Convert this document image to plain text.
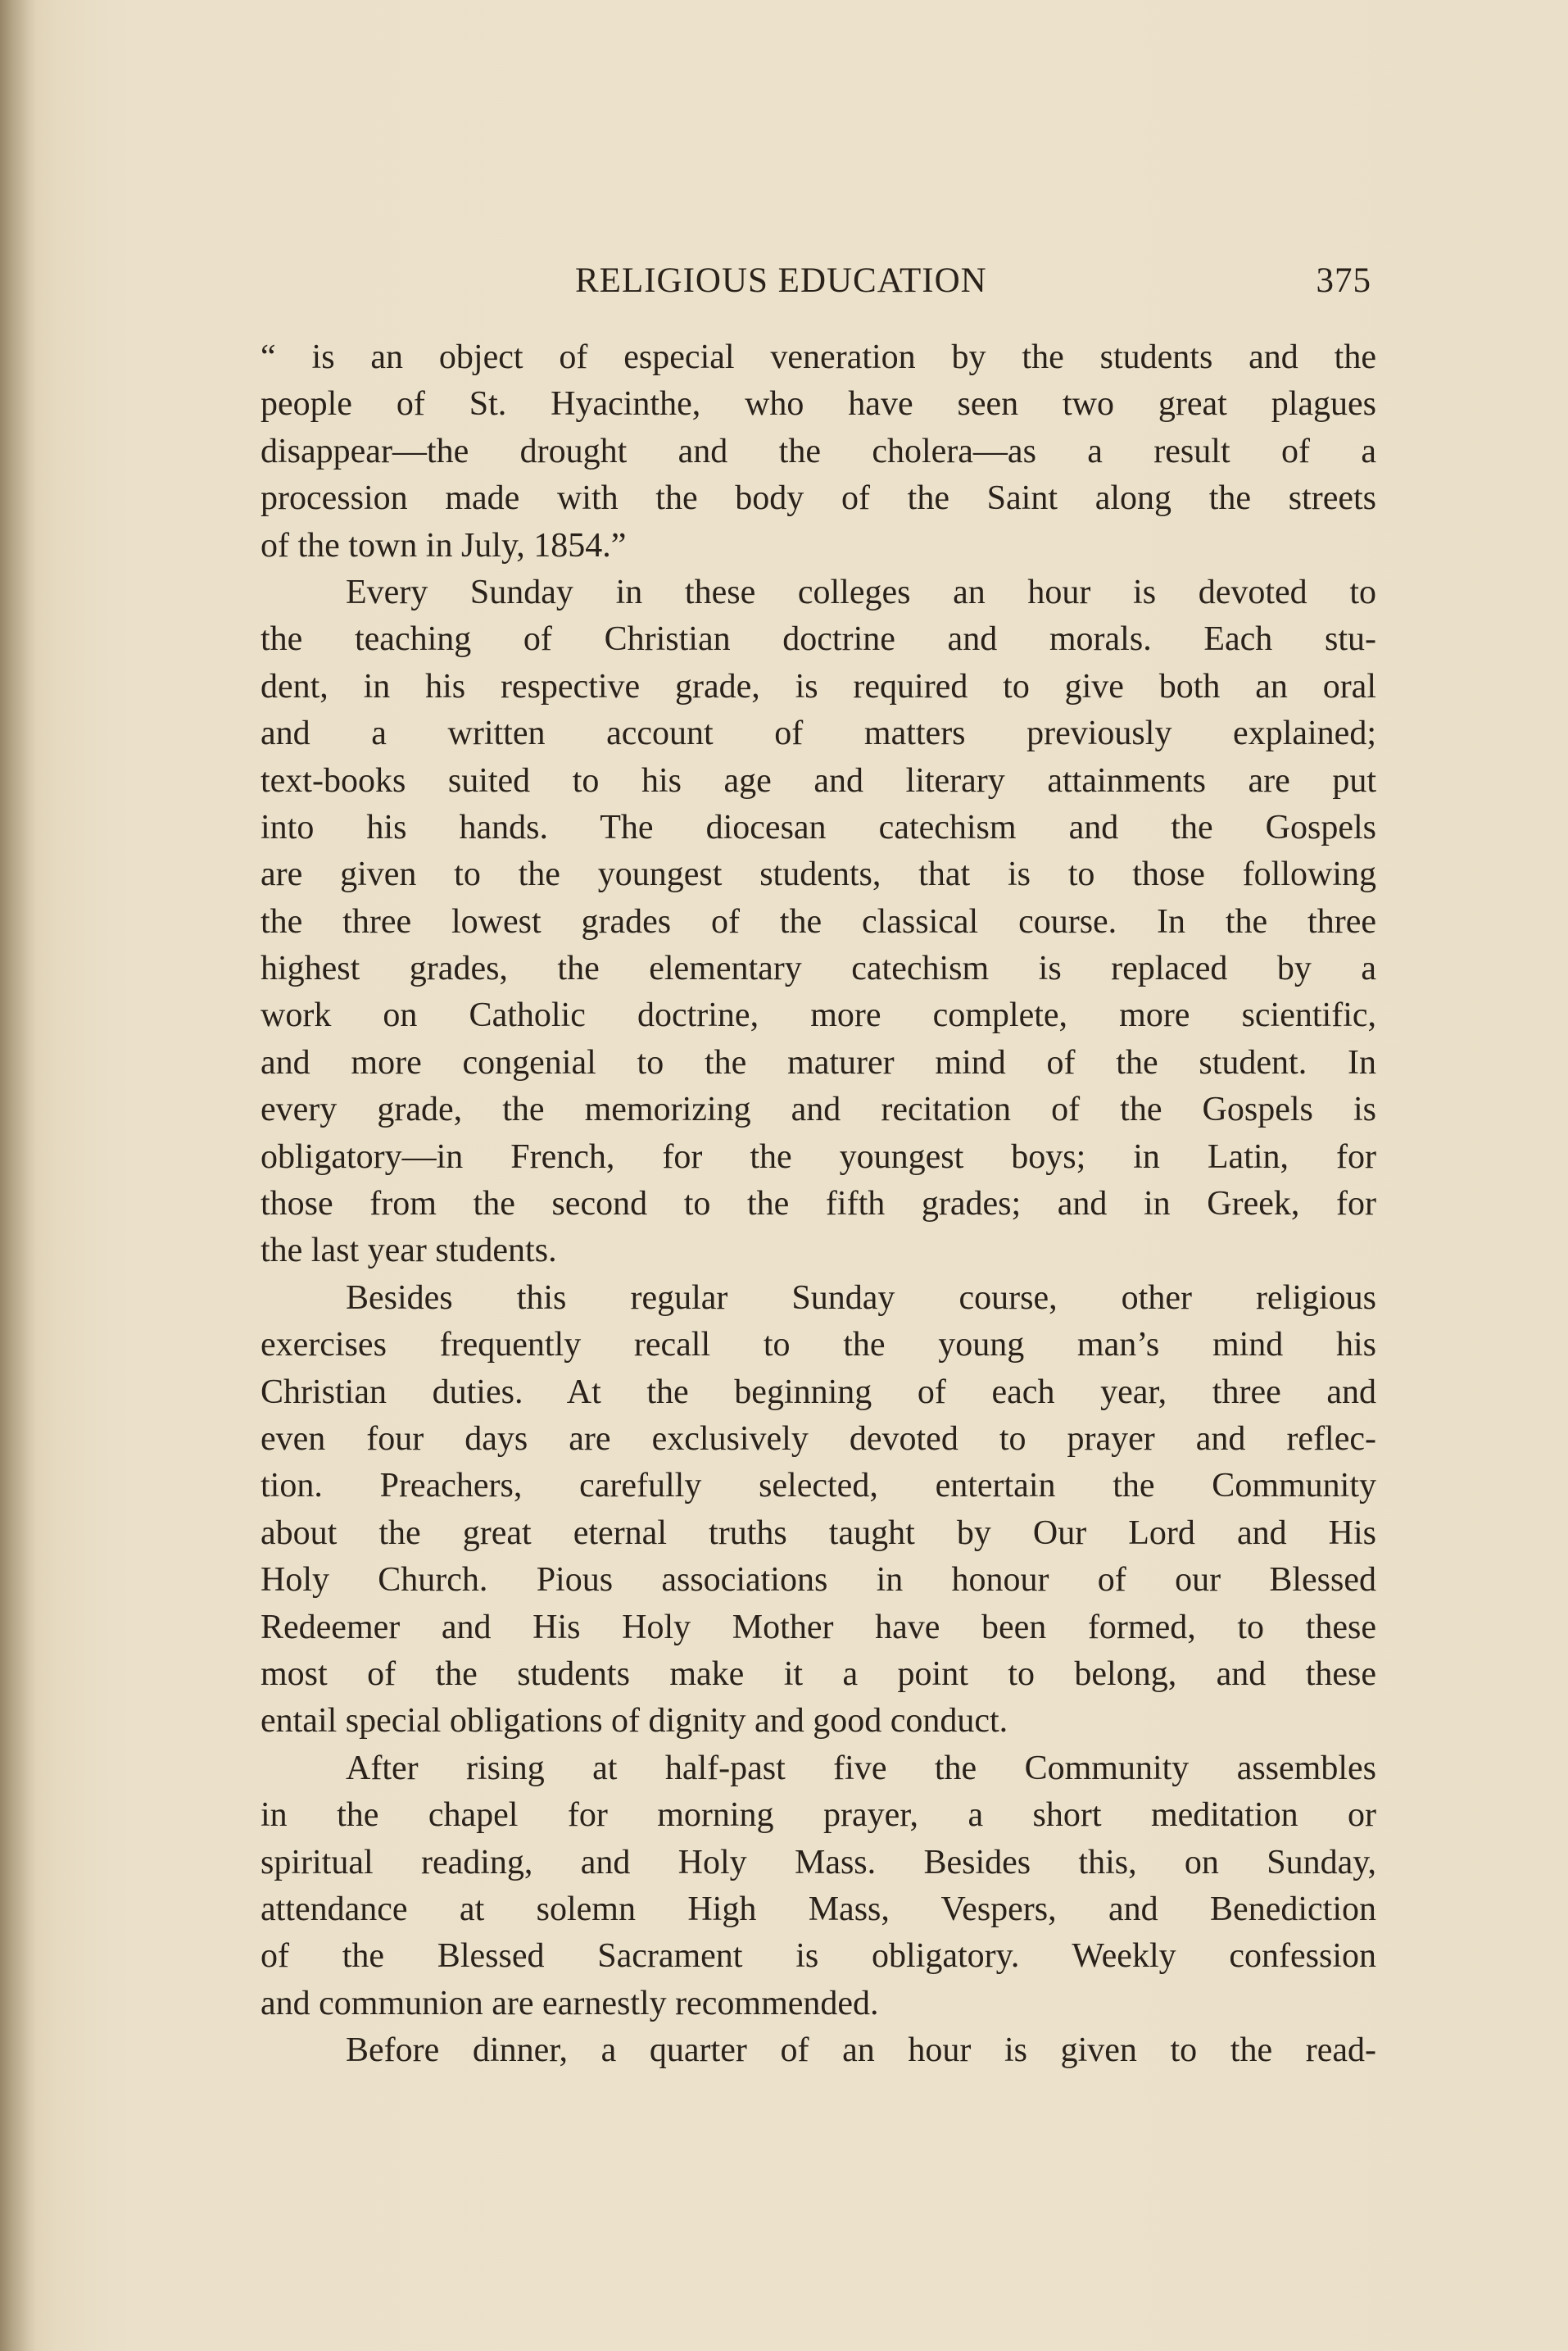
RELIGIOUS EDUCATION	375
“ is an object of especial veneration by the students and the
people of St. Hyacinthe, who have seen two great plagues
disappear—the drought and the cholera—as a result of a
procession made with the body of the Saint along the streets
of the town in July, 1854.”
Every Sunday in these colleges an hour is devoted to
the teaching of Christian doctrine and morals. Each stu-
dent, in his respective grade, is required to give both an oral
and a written account of matters previously explained;
text-books suited to his age and literary attainments are put
into his hands. The diocesan catechism and the Gospels
are given to the youngest students, that is to those following
the three lowest grades of the classical course. In the three
highest grades, the elementary catechism is replaced by a
work on Catholic doctrine, more complete, more scientific,
and more congenial to the maturer mind of the student. In
every grade, the memorizing and recitation of the Gospels is
obligatory—in French, for the youngest boys; in Latin, for
those from the second to the fifth grades; and in Greek, for
the last year students.
Besides this regular Sunday course, other religious
exercises frequently recall to the young man’s mind his
Christian duties. At the beginning of each year, three and
even four days are exclusively devoted to prayer and reflec-
tion. Preachers, carefully selected, entertain the Community
about the great eternal truths taught by Our Lord and His
Holy Church. Pious associations in honour of our Blessed
Redeemer and His Holy Mother have been formed, to these
most of the students make it a point to belong, and these
entail special obligations of dignity and good conduct.
After rising at half-past five the Community assembles
in the chapel for morning prayer, a short meditation or
spiritual reading, and Holy Mass. Besides this, on Sunday,
attendance at solemn High Mass, Vespers, and Benediction
of the Blessed Sacrament is obligatory. Weekly confession
and communion are earnestly recommended.
Before dinner, a quarter of an hour is given to the read-
